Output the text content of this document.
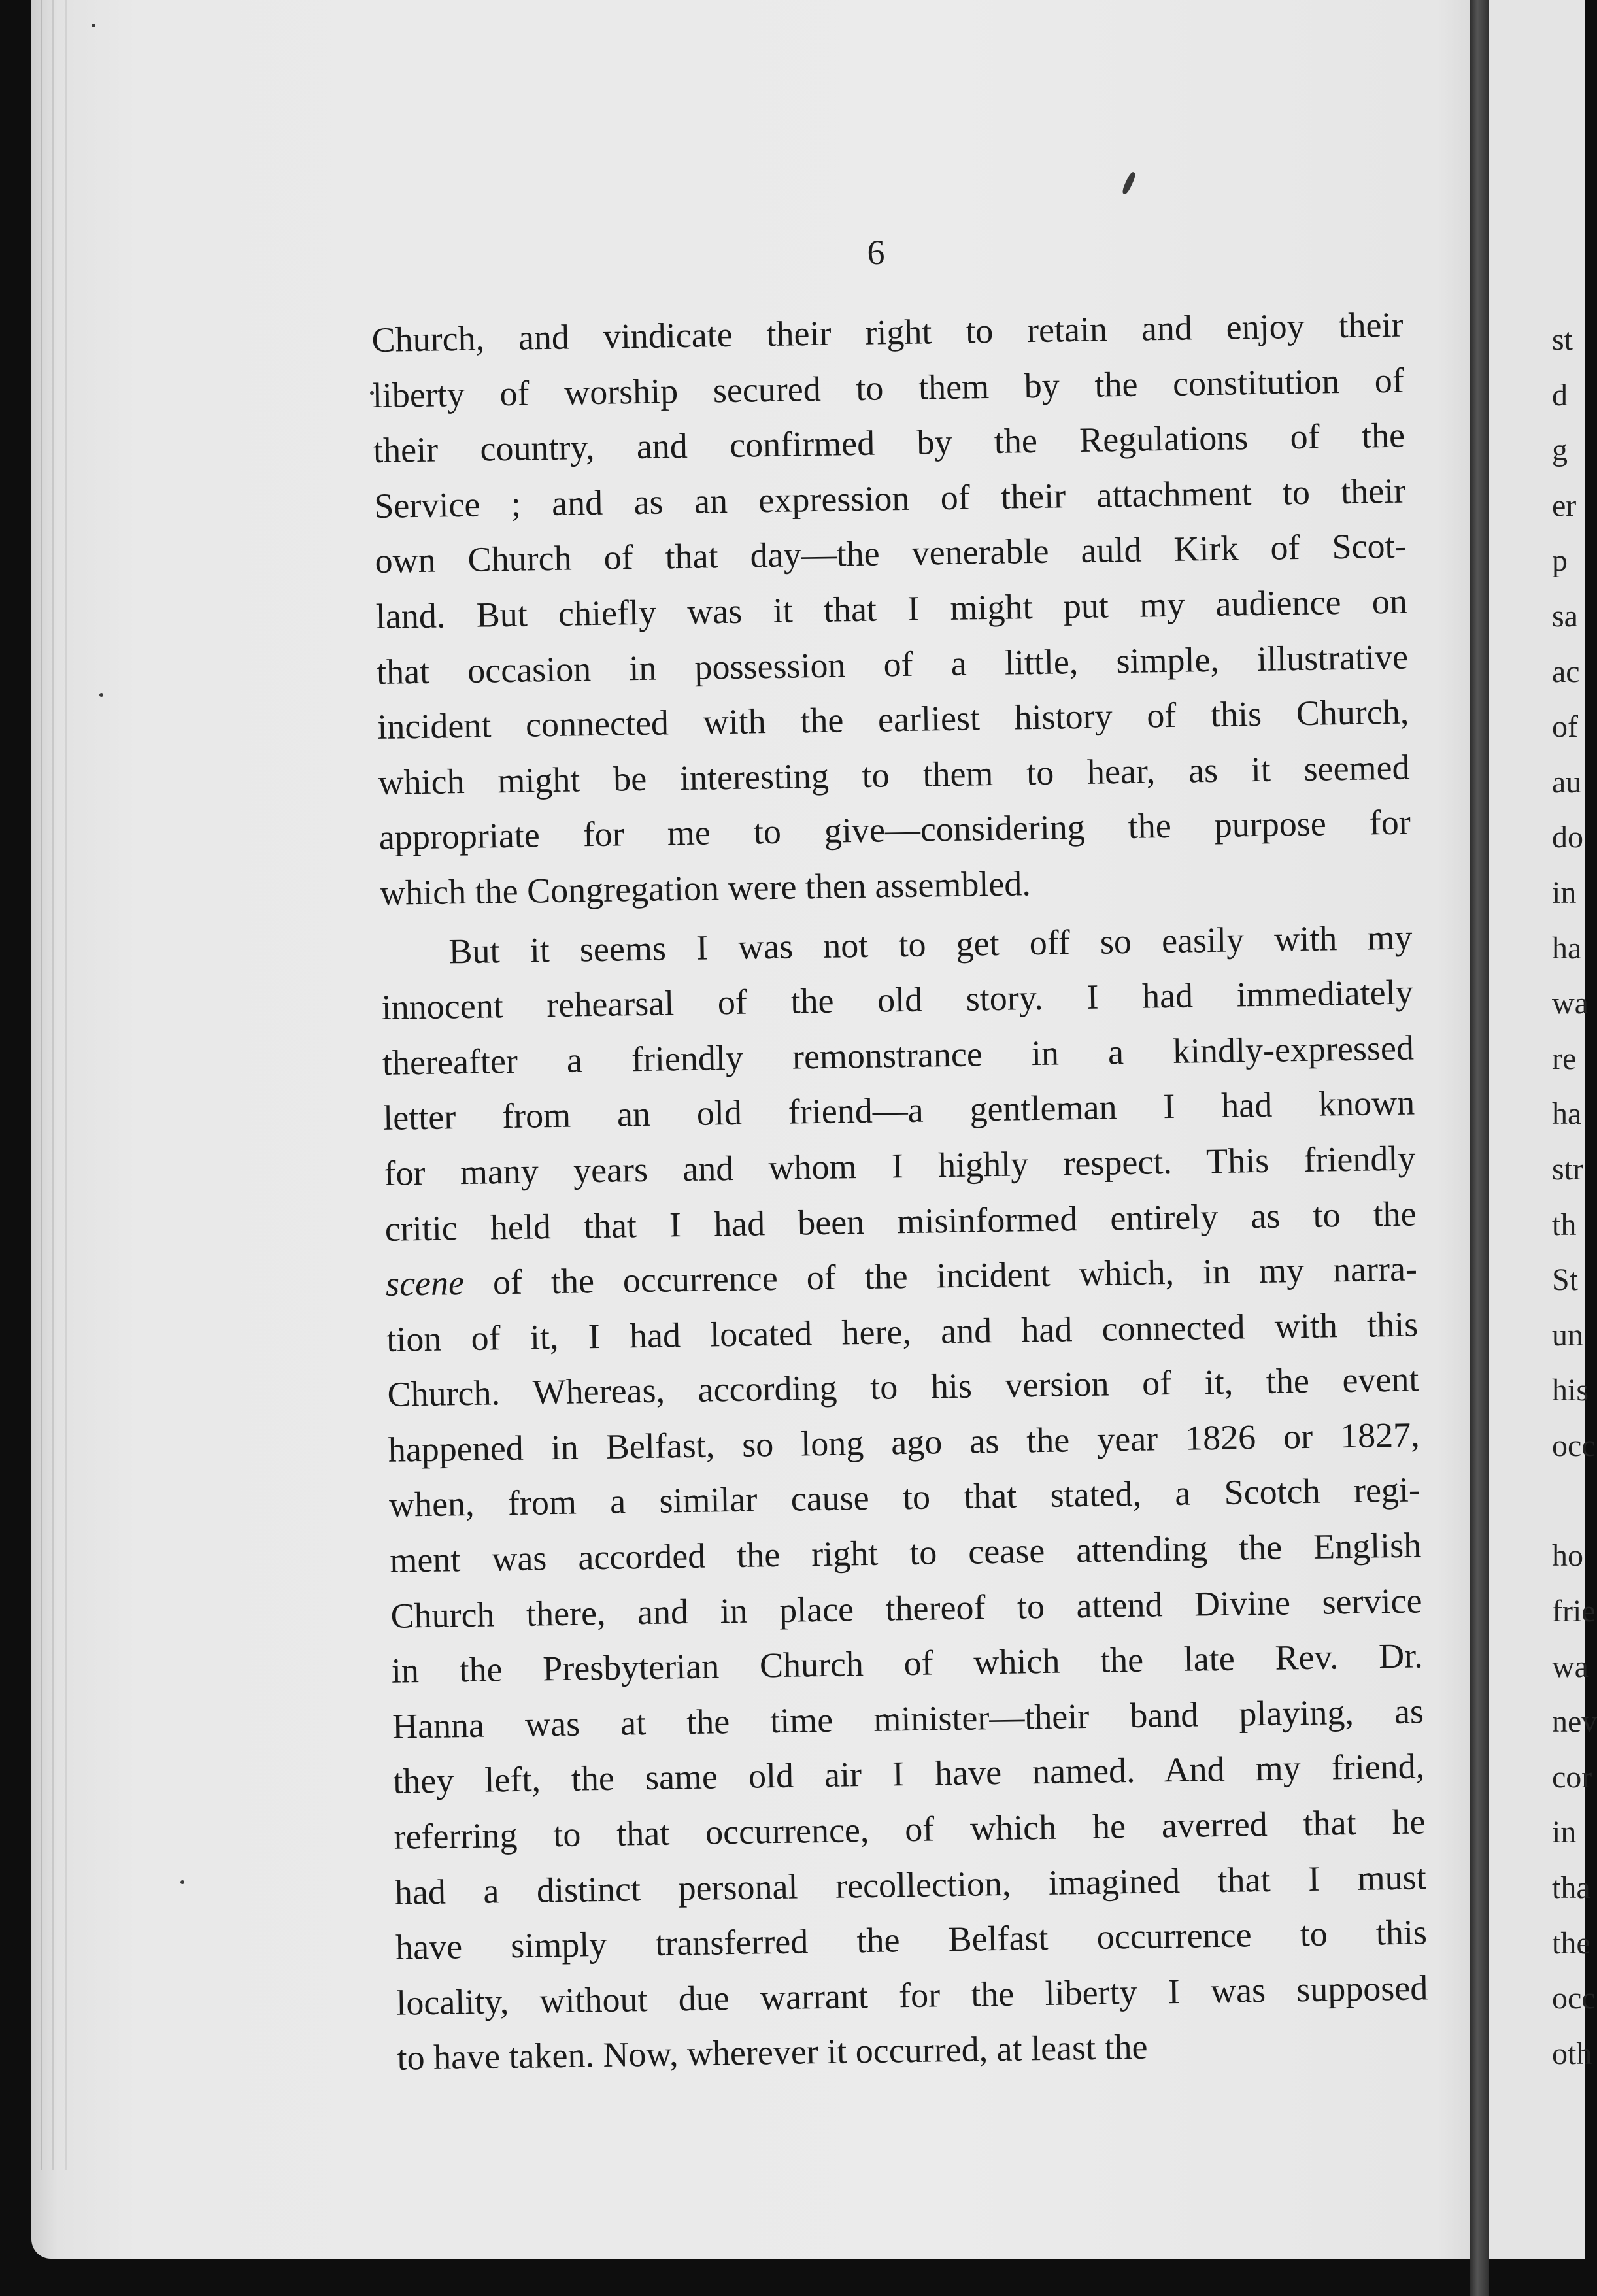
6
Church, and vindicate their right to retain and enjoy their
liberty of worship secured to them by the constitution of
their country, and confirmed by the Regulations of the
Service ; and as an expression of their attachment to their
own Church of that day—the venerable auld Kirk of Scot-
land. But chiefly was it that I might put my audience on
that occasion in possession of a little, simple, illustrative
incident connected with the earliest history of this Church,
which might be interesting to them to hear, as it seemed
appropriate for me to give—considering the purpose for
which the Congregation were then assembled.
But it seems I was not to get off so easily with my
innocent rehearsal of the old story. I had immediately
thereafter a friendly remonstrance in a kindly-expressed
letter from an old friend—a gentleman I had known
for many years and whom I highly respect. This friendly
critic held that I had been misinformed entirely as to the
scene of the occurrence of the incident which, in my narra-
tion of it, I had located here, and had connected with this
Church. Whereas, according to his version of it, the event
happened in Belfast, so long ago as the year 1826 or 1827,
when, from a similar cause to that stated, a Scotch regi-
ment was accorded the right to cease attending the English
Church there, and in place thereof to attend Divine service
in the Presbyterian Church of which the late Rev. Dr.
Hanna was at the time minister—their band playing, as
they left, the same old air I have named. And my friend,
referring to that occurrence, of which he averred that he
had a distinct personal recollection, imagined that I must
have simply transferred the Belfast occurrence to this
locality, without due warrant for the liberty I was supposed
to have taken. Now, wherever it occurred, at least the
st
d
g
er
p
sa
ac
of
au
do
in
ha
wa
re
ha
str
th
St
un
his
occ
ho
frie
wa
nev
cor
in
tha
the
occ
oth
